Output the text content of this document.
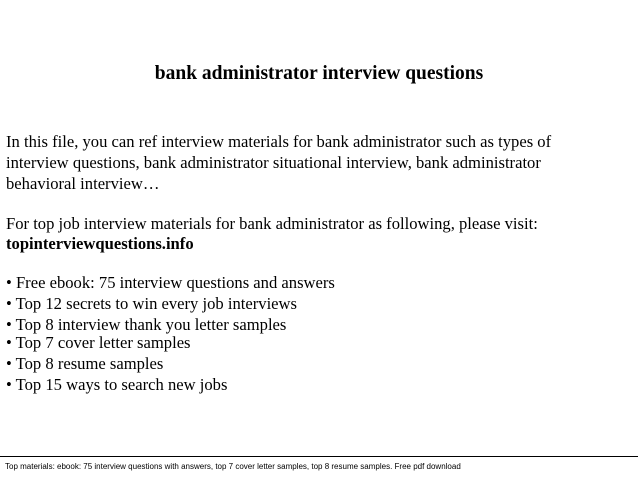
bank administrator interview questions

In this file, you can ref interview materials for bank administrator such as types of
interview questions, bank administrator situational interview, bank administrator
behavioral interview…

For top job interview materials for bank administrator as following, please visit:
topinterviewquestions.info

• Free ebook: 75 interview questions and answers
• Top 12 secrets to win every job interviews
• Top 8 interview thank you letter samples
• Top 7 cover letter samples
• Top 8 resume samples
• Top 15 ways to search new jobs
Top materials: ebook: 75 interview questions with answers, top 7 cover letter samples, top 8 resume samples. Free pdf download
